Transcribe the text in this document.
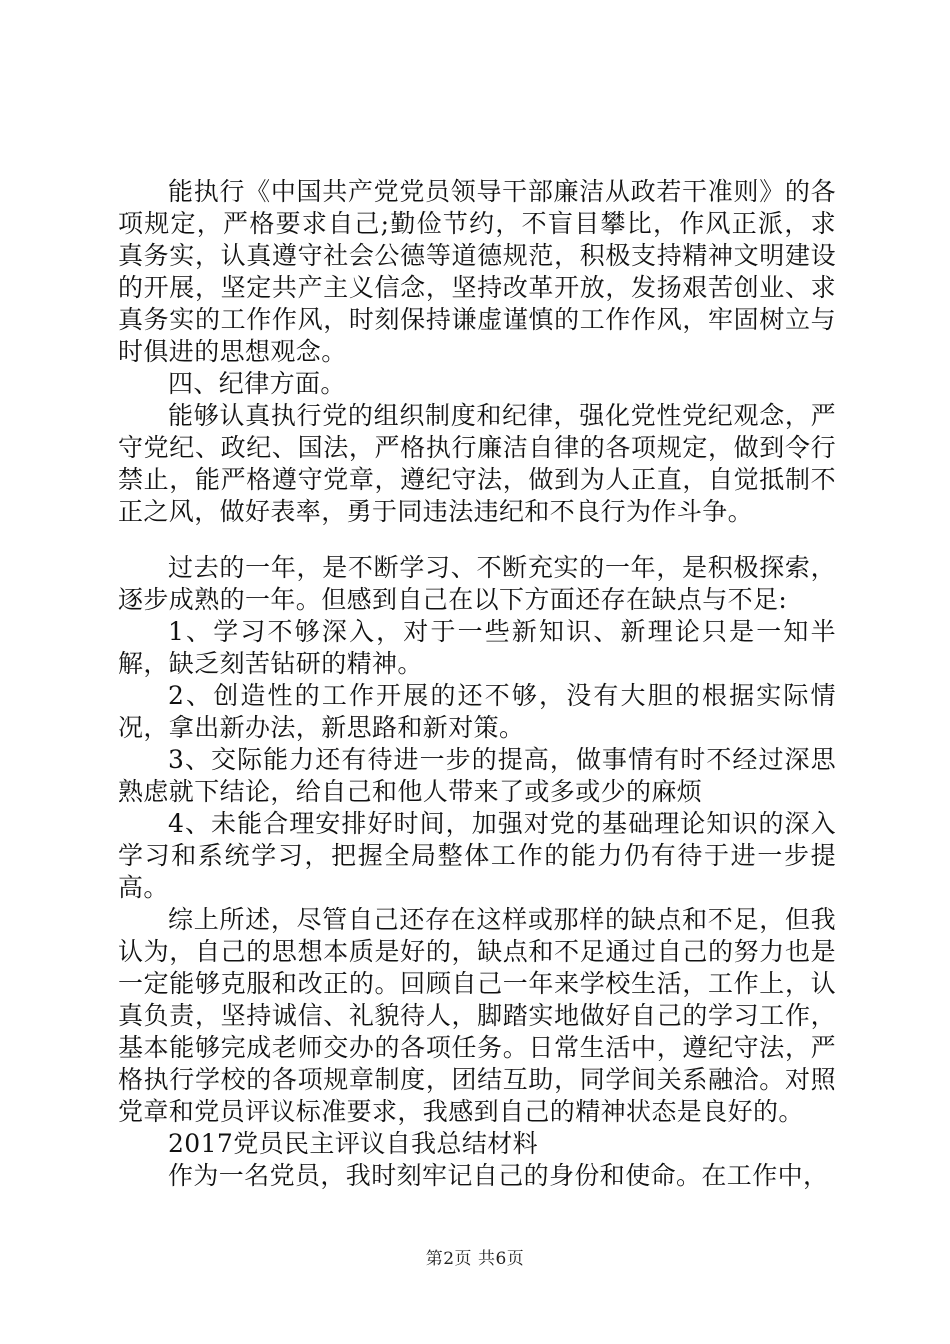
能执行《中国共产党党员领导干部廉洁从政若干准则》的各项规定，严格要求自己;勤俭节约，不盲目攀比，作风正派，求真务实，认真遵守社会公德等道德规范，积极支持精神文明建设的开展，坚定共产主义信念，坚持改革开放，发扬艰苦创业、求真务实的工作作风，时刻保持谦虚谨慎的工作作风，牢固树立与时俱进的思想观念。

四、纪律方面。

能够认真执行党的组织制度和纪律，强化党性党纪观念，严守党纪、政纪、国法，严格执行廉洁自律的各项规定，做到令行禁止，能严格遵守党章，遵纪守法，做到为人正直，自觉抵制不正之风，做好表率，勇于同违法违纪和不良行为作斗争。

过去的一年，是不断学习、不断充实的一年，是积极探索，逐步成熟的一年。但感到自己在以下方面还存在缺点与不足:

1、学习不够深入，对于一些新知识、新理论只是一知半解，缺乏刻苦钻研的精神。

2、创造性的工作开展的还不够，没有大胆的根据实际情况，拿出新办法，新思路和新对策。

3、交际能力还有待进一步的提高，做事情有时不经过深思熟虑就下结论，给自己和他人带来了或多或少的麻烦

4、未能合理安排好时间，加强对党的基础理论知识的深入学习和系统学习，把握全局整体工作的能力仍有待于进一步提高。

综上所述，尽管自己还存在这样或那样的缺点和不足，但我认为，自己的思想本质是好的，缺点和不足通过自己的努力也是一定能够克服和改正的。回顾自己一年来学校生活，工作上，认真负责，坚持诚信、礼貌待人，脚踏实地做好自己的学习工作，基本能够完成老师交办的各项任务。日常生活中，遵纪守法，严格执行学校的各项规章制度，团结互助，同学间关系融洽。对照党章和党员评议标准要求，我感到自己的精神状态是良好的。

2017党员民主评议自我总结材料

作为一名党员，我时刻牢记自己的身份和使命。在工作中，

第2页 共6页
